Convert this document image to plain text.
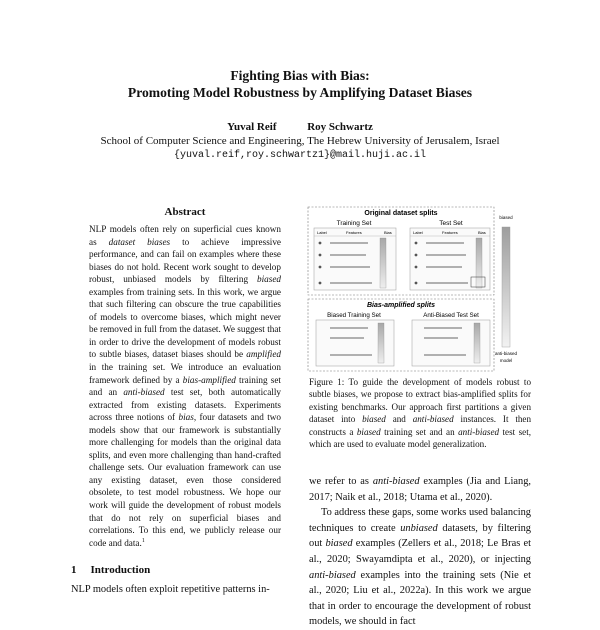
Fighting Bias with Bias:
Promoting Model Robustness by Amplifying Dataset Biases
Yuval Reif	Roy Schwartz
School of Computer Science and Engineering, The Hebrew University of Jerusalem, Israel
{yuval.reif,roy.schwartz1}@mail.huji.ac.il
Abstract

NLP models often rely on superficial cues known as dataset biases to achieve impressive performance, and can fail on examples where these biases do not hold. Recent work sought to develop robust, unbiased models by filtering biased examples from training sets. In this work, we argue that such filtering can obscure the true capabilities of models to overcome biases, which might never be removed in full from the dataset. We suggest that in order to drive the development of models robust to subtle biases, dataset biases should be amplified in the training set. We introduce an evaluation framework defined by a bias-amplified training set and an anti-biased test set, both automatically extracted from existing datasets. Experiments across three notions of bias, four datasets and two models show that our framework is substantially more challenging for models than the original data splits, and even more challenging than hand-crafted challenge sets. Our evaluation framework can use any existing dataset, even those considered obsolete, to test model robustness. We hope our work will guide the development of robust models that do not rely on superficial biases and correlations. To this end, we publicly release our code and data.$^1$

1 Introduction

NLP models often exploit repetitive patterns in-

Original dataset splits
Training Set	Test Set
Label	Features	Bias	Label	Features	Bias
Bias-amplified splits
Biased Training Set	Anti-Biased Test Set
biased
anti-biased
model

Figure 1: To guide the development of models robust to subtle biases, we propose to extract bias-amplified splits for existing benchmarks. Our approach first partitions a given dataset into biased and anti-biased instances. It then constructs a biased training set and an anti-biased test set, which are used to evaluate model generalization.

we refer to as anti-biased examples (Jia and Liang, 2017; Naik et al., 2018; Utama et al., 2020).

To address these gaps, some works used balancing techniques to create unbiased datasets, by filtering out biased examples (Zellers et al., 2018; Le Bras et al., 2020; Swayamdipta et al., 2020), or injecting anti-biased examples into the training sets (Nie et al., 2020; Liu et al., 2022a). In this work we argue that in order to encourage the development of robust models, we should in fact
